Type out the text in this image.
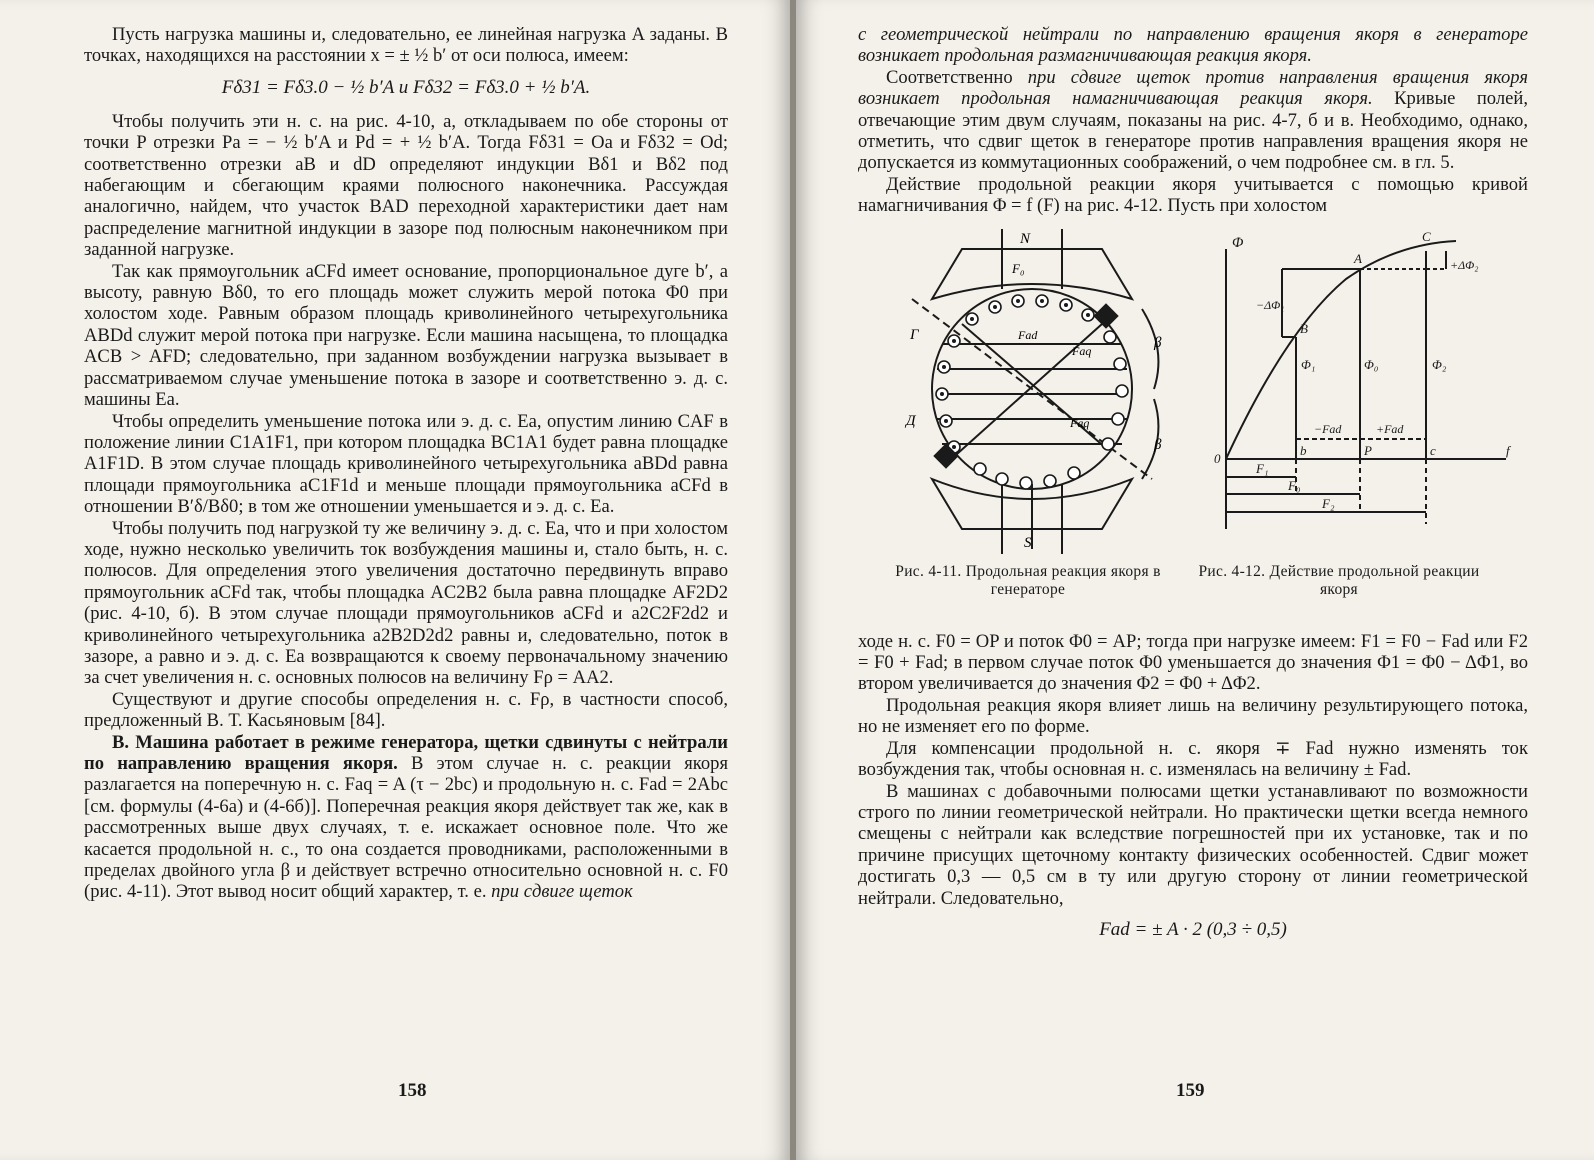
Пусть нагрузка машины и, следовательно, ее линейная нагрузка A заданы. В точках, находящихся на расстоянии x = ± ½ b′ от оси полюса, имеем:

Fδ31 = Fδ3.0 − ½ b′A и Fδ32 = Fδ3.0 + ½ b′A.

Чтобы получить эти н. с. на рис. 4-10, a, откладываем по обе стороны от точки P отрезки Pa = − ½ b′A и Pd = + ½ b′A. Тогда Fδ31 = Oa и Fδ32 = Od; соответственно отрезки aB и dD определяют индукции Bδ1 и Bδ2 под набегающим и сбегающим краями полюсного наконечника. Рассуждая аналогично, найдем, что участок BAD переходной характеристики дает нам распределение магнитной индукции в зазоре под полюсным наконечником при заданной нагрузке.

Так как прямоугольник aCFd имеет основание, пропорциональное дуге b′, а высоту, равную Bδ0, то его площадь может служить мерой потока Φ0 при холостом ходе. Равным образом площадь криволинейного четырехугольника ABDd служит мерой потока при нагрузке. Если машина насыщена, то площадка ACB > AFD; следовательно, при заданном возбуждении нагрузка вызывает в рассматриваемом случае уменьшение потока в зазоре и соответственно э. д. с. машины Ea.

Чтобы определить уменьшение потока или э. д. с. Ea, опустим линию CAF в положение линии C1A1F1, при котором площадка BC1A1 будет равна площадке A1F1D. В этом случае площадь криволинейного четырехугольника aBDd равна площади прямоугольника aC1F1d и меньше площади прямоугольника aCFd в отношении B′δ/Bδ0; в том же отношении уменьшается и э. д. с. Ea.

Чтобы получить под нагрузкой ту же величину э. д. с. Ea, что и при холостом ходе, нужно несколько увеличить ток возбуждения машины и, стало быть, н. с. полюсов. Для определения этого увеличения достаточно передвинуть вправо прямоугольник aCFd так, чтобы площадка AC2B2 была равна площадке AF2D2 (рис. 4-10, б). В этом случае площади прямоугольников aCFd и a2C2F2d2 и криволинейного четырехугольника a2B2D2d2 равны и, следовательно, поток в зазоре, а равно и э. д. с. Ea возвращаются к своему первоначальному значению за счет увеличения н. с. основных полюсов на величину Fρ = AA2.

Существуют и другие способы определения н. с. Fρ, в частности способ, предложенный В. Т. Касьяновым [84].

В. Машина работает в режиме генератора, щетки сдвинуты с нейтрали по направлению вращения якоря. В этом случае н. с. реакции якоря разлагается на поперечную н. с. Faq = A (τ − 2bc) и продольную н. с. Fad = 2Abc [см. формулы (4-6а) и (4-6б)]. Поперечная реакция якоря действует так же, как в рассмотренных выше двух случаях, т. е. искажает основное поле. Что же касается продольной н. с., то она создается проводниками, расположенными в пределах двойного угла β и действует встречно относительно основной н. с. F0 (рис. 4-11). Этот вывод носит общий характер, т. е. при сдвиге щеток

158

с геометрической нейтрали по направлению вращения якоря в генераторе возникает продольная размагничивающая реакция якоря.

Соответственно при сдвиге щеток против направления вращения якоря возникает продольная намагничивающая реакция якоря. Кривые полей, отвечающие этим двум случаям, показаны на рис. 4-7, б и в. Необходимо, однако, отметить, что сдвиг щеток в генераторе против направления вращения якоря не допускается из коммутационных соображений, о чем подробнее см. в гл. 5.

Действие продольной реакции якоря учитывается с помощью кривой намагничивания Φ = f (F) на рис. 4-12. Пусть при холостом

N
S
F₀
Fad
Faq
Faq
Г
Д
β
β
Φ	C
A
B
−ΔΦ₁
+ΔΦ₂
Φ₁	Φ₀	Φ₂
−Fad	+Fad
0
b	P	c	f
F₁
F₀
F₂
Рис. 4-11. Продольная реакция якоря в генераторе
Рис. 4-12. Действие продольной реакции якоря

ходе н. с. F0 = OP и поток Φ0 = AP; тогда при нагрузке имеем: F1 = F0 − Fad или F2 = F0 + Fad; в первом случае поток Φ0 уменьшается до значения Φ1 = Φ0 − ΔΦ1, во втором увеличивается до значения Φ2 = Φ0 + ΔΦ2.

Продольная реакция якоря влияет лишь на величину результирующего потока, но не изменяет его по форме.

Для компенсации продольной н. с. якоря ∓ Fad нужно изменять ток возбуждения так, чтобы основная н. с. изменялась на величину ± Fad.

В машинах с добавочными полюсами щетки устанавливают по возможности строго по линии геометрической нейтрали. Но практически щетки всегда немного смещены с нейтрали как вследствие погрешностей при их установке, так и по причине присущих щеточному контакту физических особенностей. Сдвиг может достигать 0,3 — 0,5 см в ту или другую сторону от линии геометрической нейтрали. Следовательно,

Fad = ± A · 2 (0,3 ÷ 0,5)
159
